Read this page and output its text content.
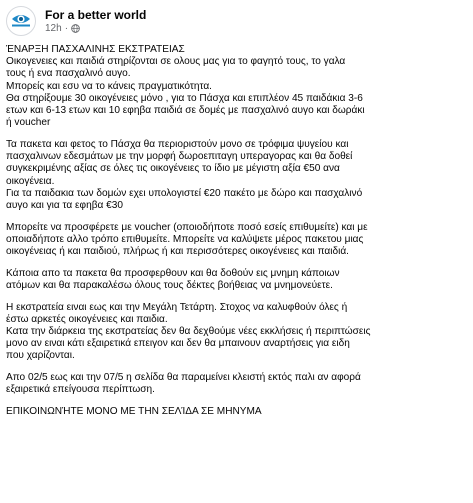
For a better world
12h ·
ΈΝΑΡΞΗ ΠΑΣΧΑΛΙΝΗΣ ΕΚΣΤΡΑΤΕΙΑΣ
Οικογενειες και παιδιά στηρίζονται σε ολους μας για το φαγητό τους, το γαλα
τους ή ενα πασχαλινό αυγο.
Μπορείς και εσυ να το κάνεις πραγματικότητα.
Θα στηρίξουμε 30 οικογένειες μόνο , για το Πάσχα και επιπλέον 45 παιδάκια 3-6
ετων και 6-13 ετων και 10 εφηβα παιδιά σε δομές με πασχαλινό αυγο και δωράκι
ή voucher
Τα πακετα και φετος το Πάσχα θα περιοριστούν μονο σε τρόφιμα ψυγείου και
πασχαλινων εδεσμάτων με την μορφή δωροεπιταγη υπεραγορας και θα δοθεί
συγκεκριμένης αξίας σε όλες τις οικογένειες το ίδιο με μέγιστη αξία €50 ανα
οικογένεια.
Για τα παιδακια των δομών εχει υπολογιστεί €20 πακέτο με δώρο και πασχαλινό
αυγο και για τα εφηβα €30
Μπορείτε να προσφέρετε με voucher (οποιοδήποτε ποσό εσείς επιθυμείτε) και με
οποιαδήποτε αλλο τρόπο επιθυμείτε. Μπορείτε να καλύψετε μέρος πακετου μιας
οικογένειας ή και παιδιού, πλήρως ή και περισσότερες οικογένειες και παιδιά.
Κάποια απο τα πακετα θα προσφερθουν και θα δοθούν εις μνημη κάποιων
ατόμων και θα παρακαλέσω όλους τους δέκτες βοήθειας να μνημονεύετε.
Η εκστρατεία ειναι εως και την Μεγάλη Τετάρτη. Στοχος να καλυφθούν όλες ή
έστω αρκετές οικογένειες και παιδια.
Κατα την διάρκεια της εκστρατείας δεν θα δεχθούμε νέες εκκλήσεις ή περιπτώσεις
μονο αν ειναι κάτι εξαιρετικά επειγον και δεν θα μπαινουν αναρτήσεις για ειδη
που χαρίζονται.
Απο 02/5 εως και την 07/5 η σελίδα θα παραμείνει κλειστή εκτός παλι αν αφορά
εξαιρετικά επείγουσα περίπτωση.
ΕΠΙΚΟΙΝΩΝΉΤΕ ΜΟΝΟ ΜΕ ΤΗΝ ΣΕΛΊΔΑ ΣΕ ΜΗΝΥΜΑ
